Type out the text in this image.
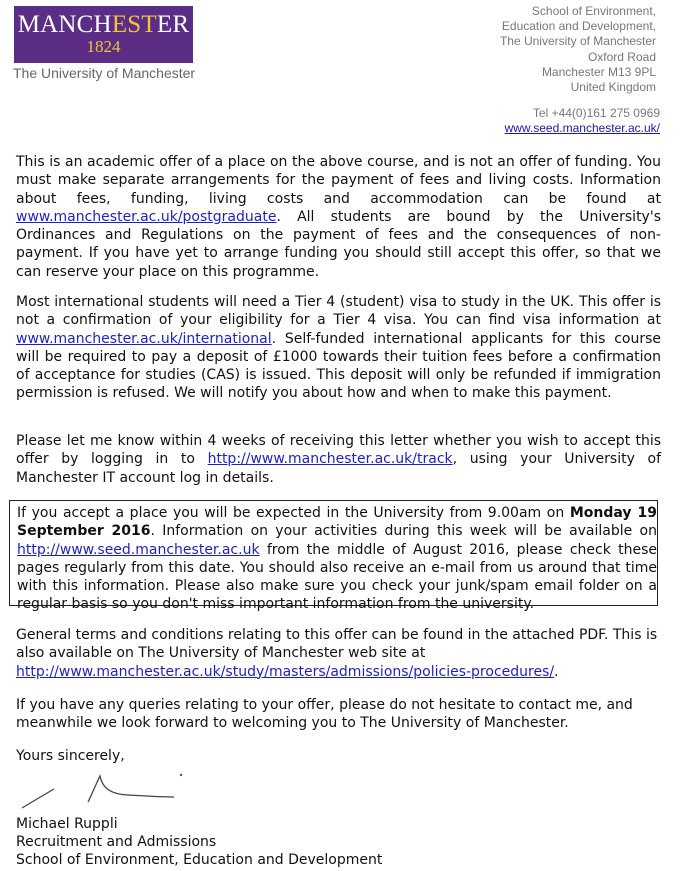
MANCHESTER
1824
The University of Manchester
School of Environment,
Education and Development,
The University of Manchester
Oxford Road
Manchester M13 9PL
United Kingdom
Tel +44(0)161 275 0969
www.seed.manchester.ac.uk/

This is an academic offer of a place on the above course, and is not an offer of funding. You must make separate arrangements for the payment of fees and living costs. Information about fees, funding, living costs and accommodation can be found at www.manchester.ac.uk/postgraduate. All students are bound by the University's Ordinances and Regulations on the payment of fees and the consequences of non-payment. If you have yet to arrange funding you should still accept this offer, so that we can reserve your place on this programme.

Most international students will need a Tier 4 (student) visa to study in the UK. This offer is not a confirmation of your eligibility for a Tier 4 visa. You can find visa information at www.manchester.ac.uk/international. Self-funded international applicants for this course will be required to pay a deposit of £1000 towards their tuition fees before a confirmation of acceptance for studies (CAS) is issued. This deposit will only be refunded if immigration permission is refused. We will notify you about how and when to make this payment.

Please let me know within 4 weeks of receiving this letter whether you wish to accept this offer by logging in to http://www.manchester.ac.uk/track, using your University of Manchester IT account log in details.

If you accept a place you will be expected in the University from 9.00am on Monday 19 September 2016. Information on your activities during this week will be available on http://www.seed.manchester.ac.uk from the middle of August 2016, please check these pages regularly from this date. You should also receive an e-mail from us around that time with this information. Please also make sure you check your junk/spam email folder on a regular basis so you don't miss important information from the university.

General terms and conditions relating to this offer can be found in the attached PDF. This is also available on The University of Manchester web site at
http://www.manchester.ac.uk/study/masters/admissions/policies-procedures/.

If you have any queries relating to your offer, please do not hesitate to contact me, and meanwhile we look forward to welcoming you to The University of Manchester.

Yours sincerely,
Michael Ruppli
Recruitment and Admissions
School of Environment, Education and Development
